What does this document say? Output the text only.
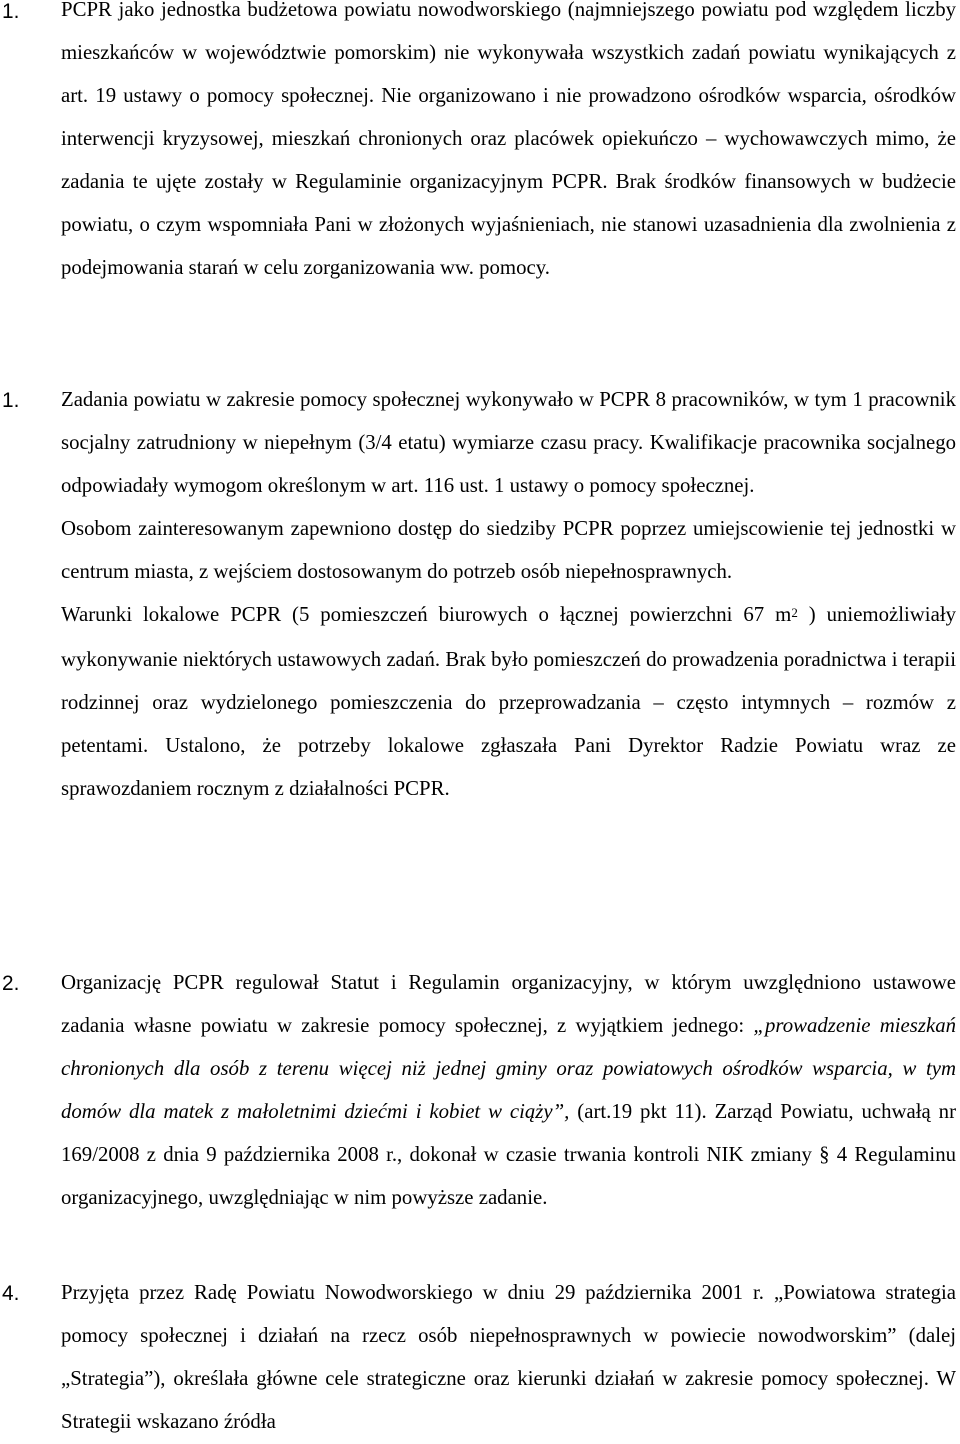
1. PCPR jako jednostka budżetowa powiatu nowodworskiego (najmniejszego powiatu pod względem liczby mieszkańców w województwie pomorskim) nie wykonywała wszystkich zadań powiatu wynikających z art. 19 ustawy o pomocy społecznej. Nie organizowano i nie prowadzono ośrodków wsparcia, ośrodków interwencji kryzysowej, mieszkań chronionych oraz placówek opiekuńczo – wychowawczych mimo, że zadania te ujęte zostały w Regulaminie organizacyjnym PCPR. Brak środków finansowych w budżecie powiatu, o czym wspomniała Pani w złożonych wyjaśnieniach, nie stanowi uzasadnienia dla zwolnienia z podejmowania starań w celu zorganizowania ww. pomocy.

1. Zadania powiatu w zakresie pomocy społecznej wykonywało w PCPR 8 pracowników, w tym 1 pracownik socjalny zatrudniony w niepełnym (3/4 etatu) wymiarze czasu pracy. Kwalifikacje pracownika socjalnego odpowiadały wymogom określonym w art. 116 ust. 1 ustawy o pomocy społecznej.

Osobom zainteresowanym zapewniono dostęp do siedziby PCPR poprzez umiejscowienie tej jednostki w centrum miasta, z wejściem dostosowanym do potrzeb osób niepełnosprawnych.

Warunki lokalowe PCPR (5 pomieszczeń biurowych o łącznej powierzchni 67 $m^2$ ) uniemożliwiały wykonywanie niektórych ustawowych zadań. Brak było pomieszczeń do prowadzenia poradnictwa i terapii rodzinnej oraz wydzielonego pomieszczenia do przeprowadzania – często intymnych – rozmów z petentami. Ustalono, że potrzeby lokalowe zgłaszała Pani Dyrektor Radzie Powiatu wraz ze sprawozdaniem rocznym z działalności PCPR.

2. Organizację PCPR regulował Statut i Regulamin organizacyjny, w którym uwzględniono ustawowe zadania własne powiatu w zakresie pomocy społecznej, z wyjątkiem jednego: „prowadzenie mieszkań chronionych dla osób z terenu więcej niż jednej gminy oraz powiatowych ośrodków wsparcia, w tym domów dla matek z małoletnimi dziećmi i kobiet w ciąży”, (art.19 pkt 11). Zarząd Powiatu, uchwałą nr 169/2008 z dnia 9 października 2008 r., dokonał w czasie trwania kontroli NIK zmiany § 4 Regulaminu organizacyjnego, uwzględniając w nim powyższe zadanie.

4. Przyjęta przez Radę Powiatu Nowodworskiego w dniu 29 października 2001 r. „Powiatowa strategia pomocy społecznej i działań na rzecz osób niepełnosprawnych w powiecie nowodworskim” (dalej „Strategia”), określała główne cele strategiczne oraz kierunki działań w zakresie pomocy społecznej. W Strategii wskazano źródła
